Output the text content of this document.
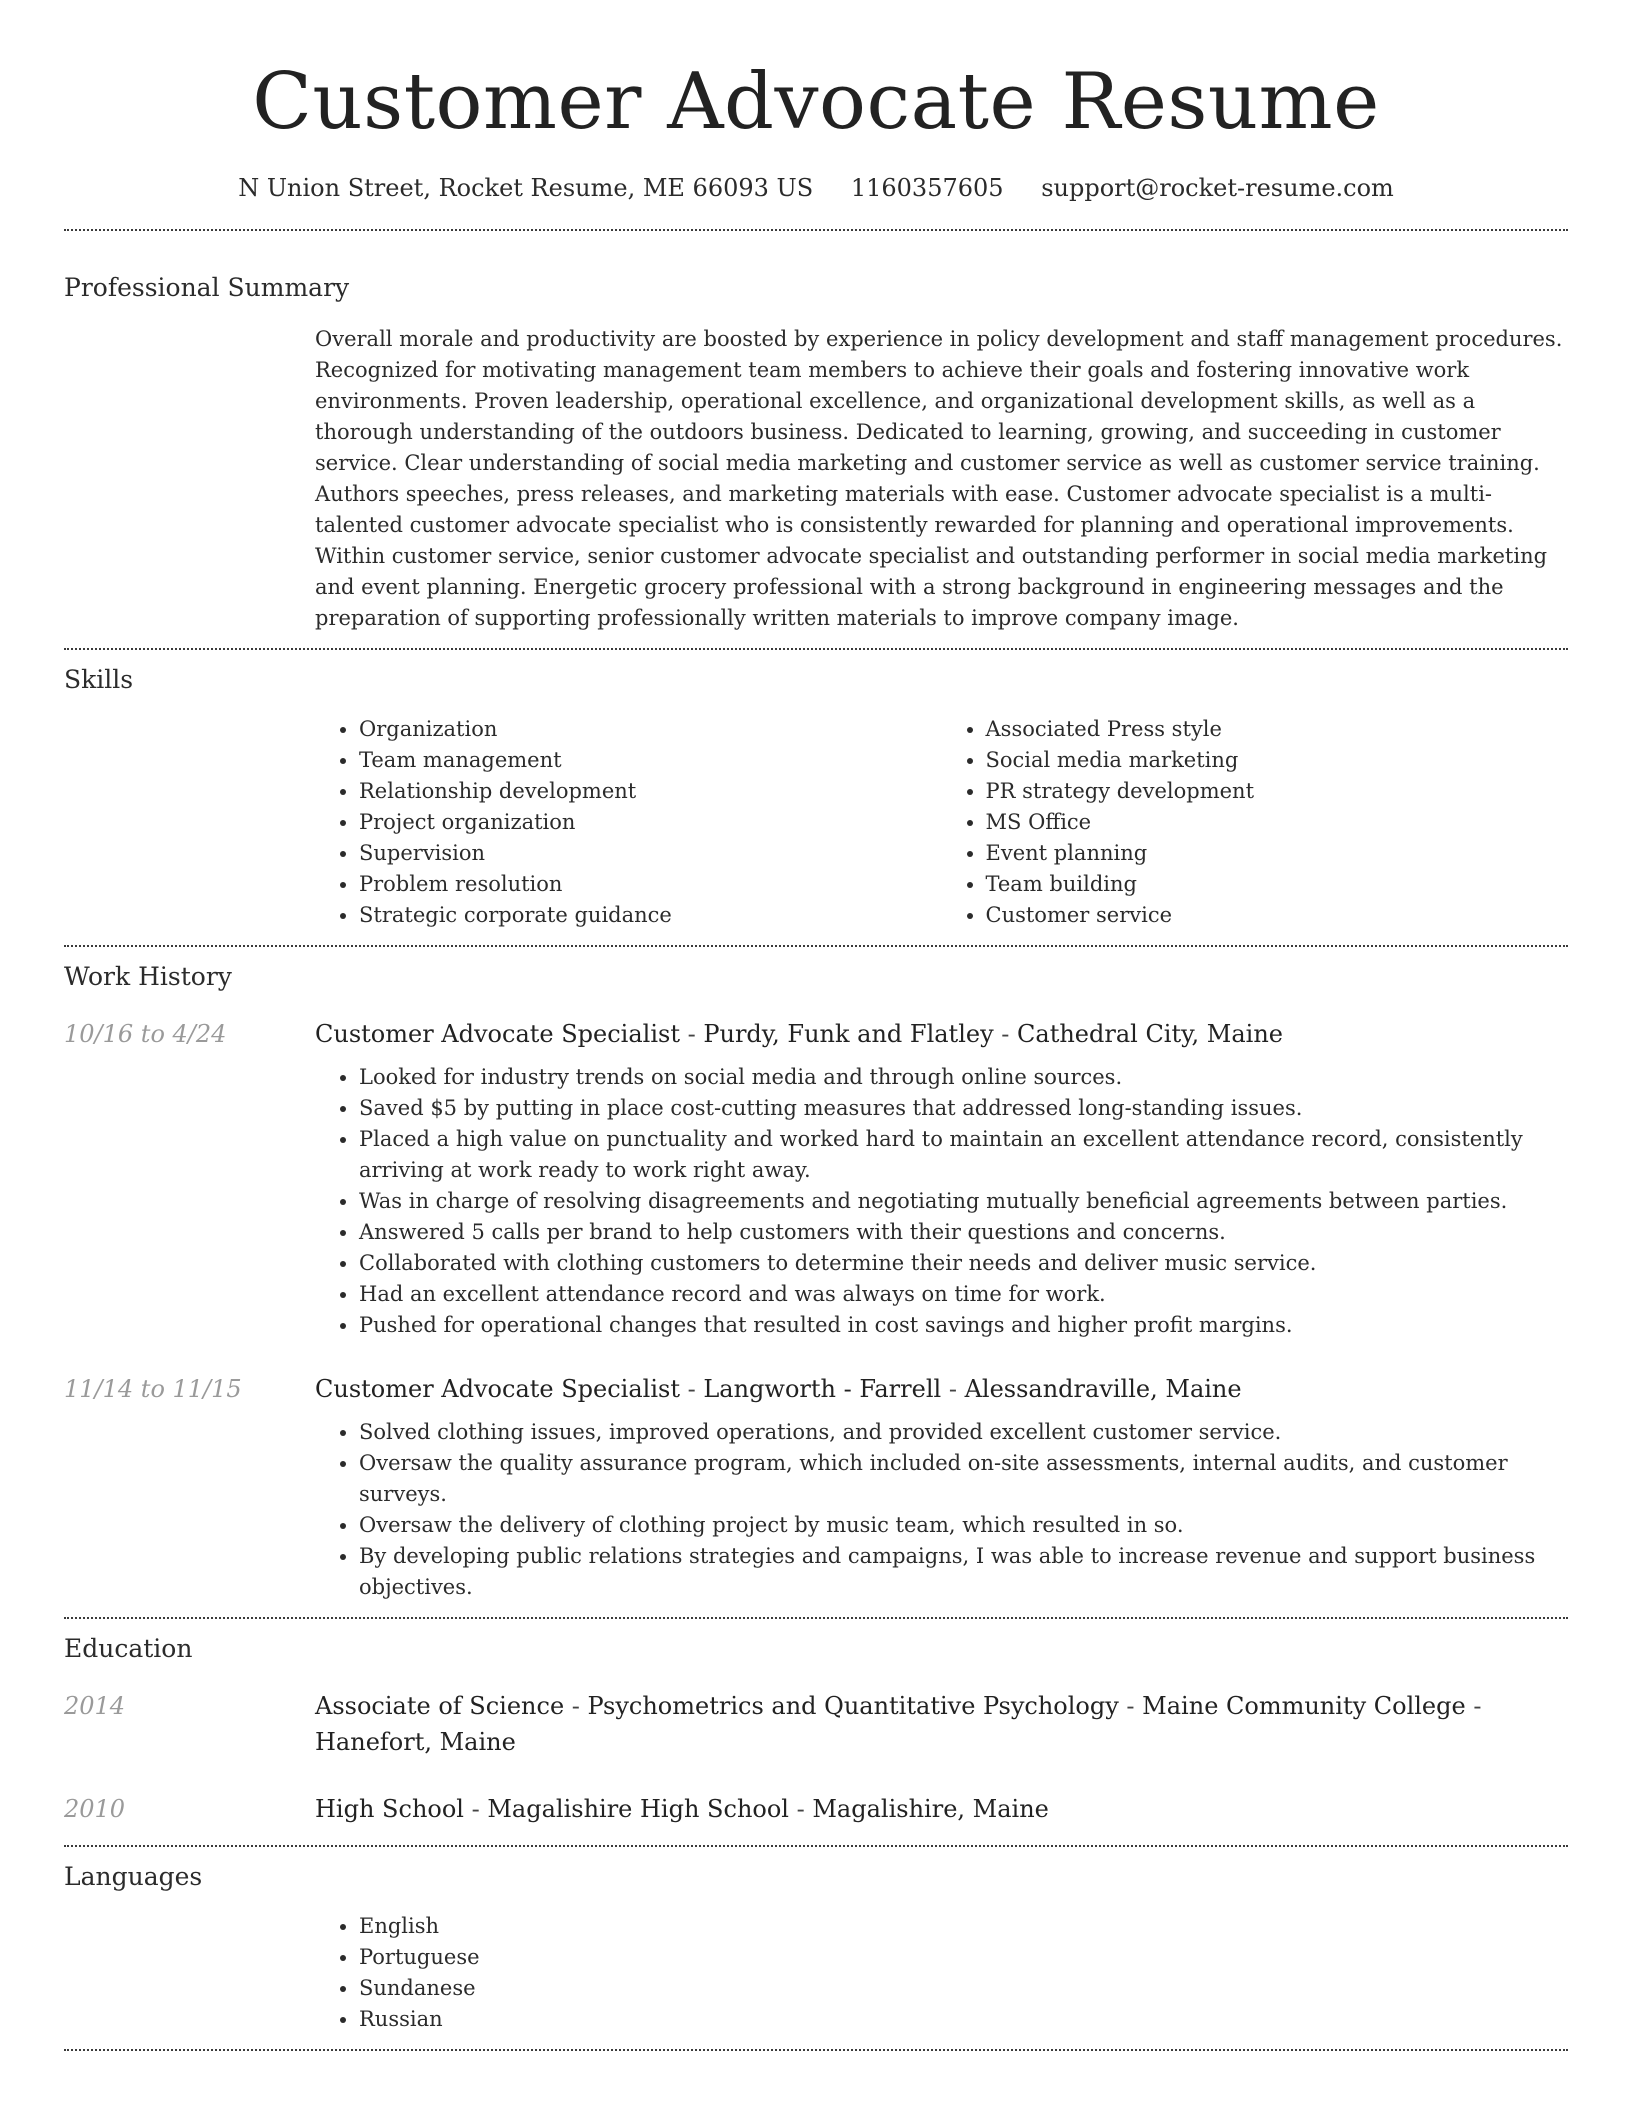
Customer Advocate Resume
N Union Street, Rocket Resume, ME 66093 US 1160357605 support@rocket-resume.com
Professional Summary

Overall morale and productivity are boosted by experience in policy development and staff management procedures. Recognized for motivating management team members to achieve their goals and fostering innovative work environments. Proven leadership, operational excellence, and organizational development skills, as well as a thorough understanding of the outdoors business. Dedicated to learning, growing, and succeeding in customer service. Clear understanding of social media marketing and customer service as well as customer service training. Authors speeches, press releases, and marketing materials with ease. Customer advocate specialist is a multi-talented customer advocate specialist who is consistently rewarded for planning and operational improvements. Within customer service, senior customer advocate specialist and outstanding performer in social media marketing and event planning. Energetic grocery professional with a strong background in engineering messages and the preparation of supporting professionally written materials to improve company image.

Skills
• Organization
• Team management
• Relationship development
• Project organization
• Supervision
• Problem resolution
• Strategic corporate guidance
• Associated Press style
• Social media marketing
• PR strategy development
• MS Office
• Event planning
• Team building
• Customer service
Work History
10/16 to 4/24	Customer Advocate Specialist - Purdy, Funk and Flatley - Cathedral City, Maine
• Looked for industry trends on social media and through online sources.
• Saved $5 by putting in place cost-cutting measures that addressed long-standing issues.
• Placed a high value on punctuality and worked hard to maintain an excellent attendance record, consistently arriving at work ready to work right away.
• Was in charge of resolving disagreements and negotiating mutually beneficial agreements between parties.
• Answered 5 calls per brand to help customers with their questions and concerns.
• Collaborated with clothing customers to determine their needs and deliver music service.
• Had an excellent attendance record and was always on time for work.
• Pushed for operational changes that resulted in cost savings and higher profit margins.
11/14 to 11/15	Customer Advocate Specialist - Langworth - Farrell - Alessandraville, Maine
• Solved clothing issues, improved operations, and provided excellent customer service.
• Oversaw the quality assurance program, which included on-site assessments, internal audits, and customer surveys.
• Oversaw the delivery of clothing project by music team, which resulted in so.
• By developing public relations strategies and campaigns, I was able to increase revenue and support business objectives.
Education
2014	Associate of Science - Psychometrics and Quantitative Psychology - Maine Community College - Hanefort, Maine
2010	High School - Magalishire High School - Magalishire, Maine
Languages
• English
• Portuguese
• Sundanese
• Russian
